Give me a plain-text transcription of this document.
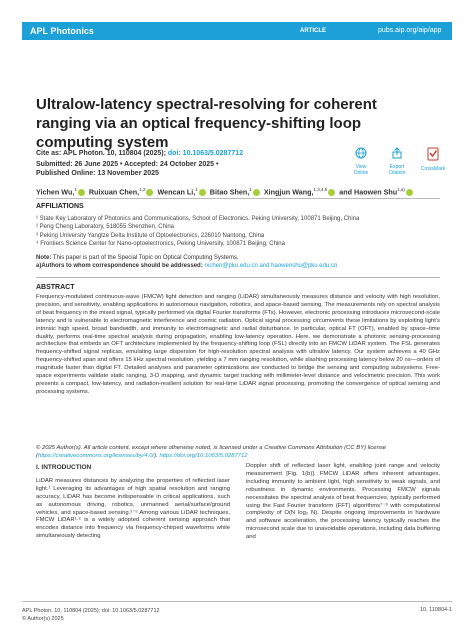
APL Photonics	ARTICLE	pubs.aip.org/aip/app
Ultralow-latency spectral-resolving for coherent ranging via an optical frequency-shifting loop computing system
Cite as: APL Photon. 10, 110804 (2025); doi: 10.1063/5.0287712
Submitted: 26 June 2025 • Accepted: 24 October 2025 •
Published Online: 13 November 2025
View Online
Export Citation
CrossMark
Yichen Wu,$^1$ Ruixuan Chen,$^{1,2}$ Wencan Li,$^1$ Bitao Shen,$^1$ Xingjun Wang,$^{1,3,4,5}$ and Haowen Shu$^{1,a)}$
AFFILIATIONS
¹ State Key Laboratory of Photonics and Communications, School of Electronics, Peking University, 100871 Beijing, China
² Peng Cheng Laboratory, 518055 Shenzhen, China
³ Peking University Yangtze Delta Institute of Optoelectronics, 226010 Nantong, China
⁴ Frontiers Science Center for Nano-optoelectronics, Peking University, 100871 Beijing, China
Note: This paper is part of the Special Topic on Optical Computing Systems.
a)Authors to whom correspondence should be addressed: rxchen@pku.edu.cn and haowenshu@pku.edu.cn
ABSTRACT
Frequency-modulated continuous-wave (FMCW) light detection and ranging (LiDAR) simultaneously measures distance and velocity with high resolution, precision, and sensitivity, enabling applications in autonomous navigation, robotics, and space-based sensing. The measurements rely on spectral analysis of beat frequency in the mixed signal, typically performed via digital Fourier transforms (FTs). However, electronic processing introduces microsecond-scale latency and is vulnerable to electromagnetic interference and cosmic radiation. Optical signal processing circumvents these limitations by exploiting light's intrinsic high speed, broad bandwidth, and immunity to electromagnetic and radial disturbance. In particular, optical FT (OFT), enabled by space–time duality, performs real-time spectral analysis during propagation, enabling low-latency operation. Here, we demonstrate a photonic sensing-processing architecture that embeds an OFT architecture implemented by the frequency-shifting loop (FSL) directly into an FMCW LiDAR system. The FSL generates frequency-shifted signal replicas, emulating large dispersion for high-resolution spectral analysis with ultralow latency. Our system achieves a 40 GHz frequency-shifted span and offers 15 kHz spectral resolution, yielding a 7 mm ranging resolution, while slashing processing latency below 20 ns—orders of magnitude faster than digital FT. Detailed analyses and parameter optimizations are conducted to bridge the sensing and computing subsystems. Free-space experiments validate static ranging, 3-D mapping, and dynamic target tracking with millimeter-level distance and velocimetric precision. This work presents a compact, low-latency, and radiation-resilient solution for real-time LiDAR signal processing, promoting the convergence of optical sensing and processing systems.
© 2025 Author(s). All article content, except where otherwise noted, is licensed under a Creative Commons Attribution (CC BY) license (https://creativecommons.org/licenses/by/4.0/). https://doi.org/10.1063/5.0287712
I. INTRODUCTION
LiDAR measures distances by analyzing the properties of reflected laser light.¹ Leveraging its advantages of high spatial resolution and ranging accuracy, LiDAR has become indispensable in critical applications, such as autonomous driving, robotics, unmanned aerial/surface/ground vehicles, and space-based sensing.²⁻⁵ Among various LiDAR techniques, FMCW LiDAR¹·⁶ is a widely adopted coherent sensing approach that encodes distance into frequency via frequency-chirped waveforms while simultaneously detecting
Doppler shift of reflected laser light, enabling joint range and velocity measurement [Fig. 1(b)]. FMCW LiDAR offers inherent advantages, including immunity to ambient light, high sensitivity to weak signals, and robustness in dynamic environments. Processing FMCW signals necessitates the spectral analysis of beat frequencies, typically performed using the Fast Fourier transform (FFT) algorithms⁷⁻⁹ with computational complexity of O(N log₂ N). Despite ongoing improvements in hardware and software acceleration, the processing latency typically reaches the microsecond scale due to unavoidable operations, including data buffering and
APL Photon. 10, 110804 (2025); doi: 10.1063/5.0287712
© Author(s) 2025
10, 110804-1
